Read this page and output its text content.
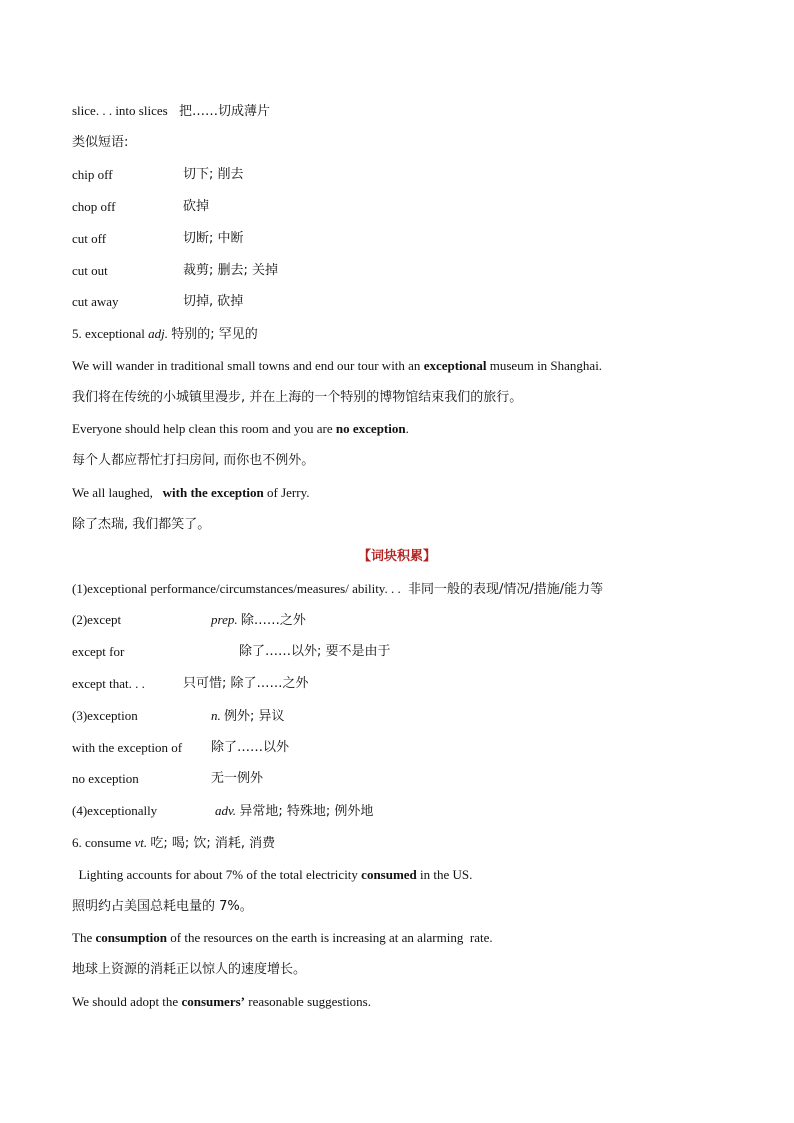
slice. . . into slices 把……切成薄片
类似短语:
chip off	切下; 削去
chop off	砍掉
cut off	切断; 中断
cut out	裁剪; 删去; 关掉
cut away	切掉, 砍掉
5. exceptional adj. 特别的; 罕见的
We will wander in traditional small towns and end our tour with an exceptional museum in Shanghai.
我们将在传统的小城镇里漫步, 并在上海的一个特别的博物馆结束我们的旅行。
Everyone should help clean this room and you are no exception.
每个人都应帮忙打扫房间, 而你也不例外。
We all laughed,   with the exception of Jerry.
除了杰瑞, 我们都笑了。
【词块积累】
(1)exceptional performance/circumstances/measures/ ability. . . 非同一般的表现/情况/措施/能力等
(2)except	prep. 除……之外
except for	除了……以外; 要不是由于
except that. . .	只可惜; 除了……之外
(3)exception	n. 例外; 异议
with the exception of 除了……以外
no exception	无一例外
(4)exceptionally	adv. 异常地; 特殊地; 例外地
6. consume vt. 吃; 喝; 饮; 消耗, 消费
Lighting accounts for about 7% of the total electricity consumed in the US.
照明约占美国总耗电量的 7%。
The consumption of the resources on the earth is increasing at an alarming  rate.
地球上资源的消耗正以惊人的速度增长。
We should adopt the consumers’ reasonable suggestions.
